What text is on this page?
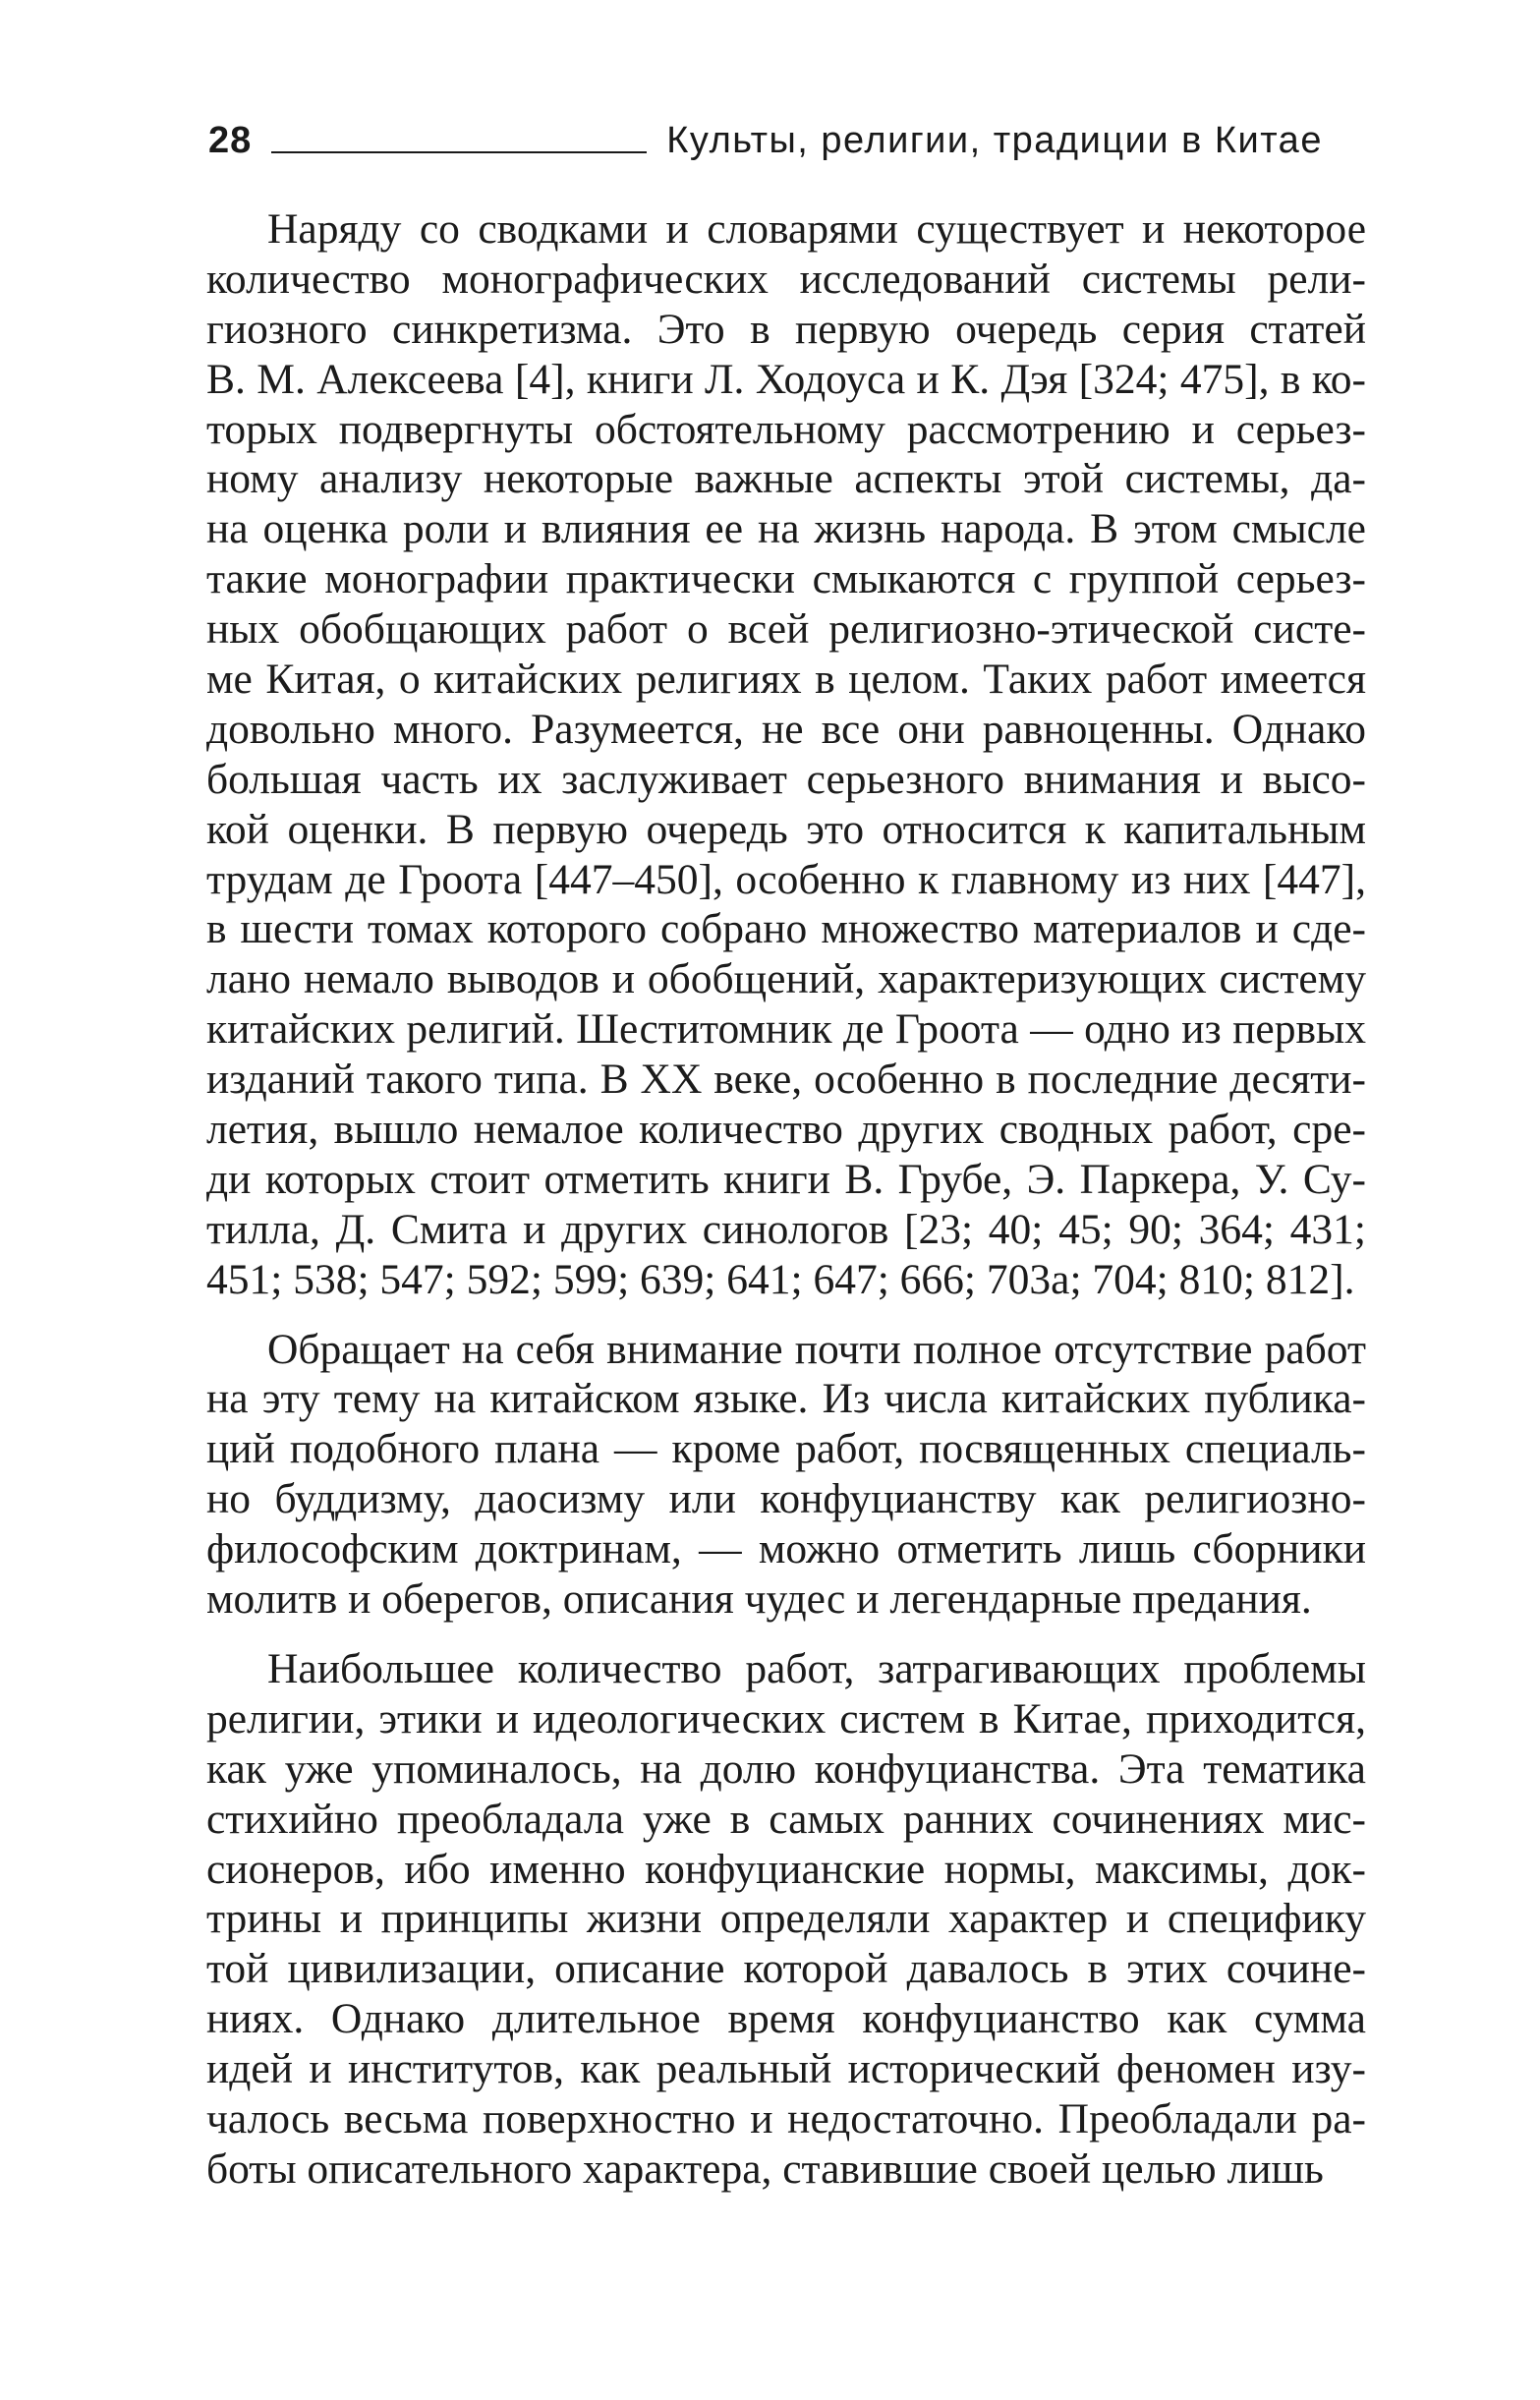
28	Культы, религии, традиции в Китае
Наряду со сводками и словарями существует и некоторое
количество монографических исследований системы рели-
гиозного синкретизма. Это в первую очередь серия статей
В. М. Алексеева [4], книги Л. Ходоуса и К. Дэя [324; 475], в ко-
торых подвергнуты обстоятельному рассмотрению и серьез-
ному анализу некоторые важные аспекты этой системы, да-
на оценка роли и влияния ее на жизнь народа. В этом смысле
такие монографии практически смыкаются с группой серьез-
ных обобщающих работ о всей религиозно-этической систе-
ме Китая, о китайских религиях в целом. Таких работ имеется
довольно много. Разумеется, не все они равноценны. Однако
большая часть их заслуживает серьезного внимания и высо-
кой оценки. В первую очередь это относится к капитальным
трудам де Гроота [447–450], особенно к главному из них [447],
в шести томах которого собрано множество материалов и сде-
лано немало выводов и обобщений, характеризующих систему
китайских религий. Шеститомник де Гроота — одно из первых
изданий такого типа. В XX веке, особенно в последние десяти-
летия, вышло немалое количество других сводных работ, сре-
ди которых стоит отметить книги В. Грубе, Э. Паркера, У. Су-
тилла, Д. Смита и других синологов [23; 40; 45; 90; 364; 431;
451; 538; 547; 592; 599; 639; 641; 647; 666; 703а; 704; 810; 812].
Обращает на себя внимание почти полное отсутствие работ
на эту тему на китайском языке. Из числа китайских публика-
ций подобного плана — кроме работ, посвященных специаль-
но буддизму, даосизму или конфуцианству как религиозно-
философским доктринам, — можно отметить лишь сборники
молитв и оберегов, описания чудес и легендарные предания.
Наибольшее количество работ, затрагивающих проблемы
религии, этики и идеологических систем в Китае, приходится,
как уже упоминалось, на долю конфуцианства. Эта тематика
стихийно преобладала уже в самых ранних сочинениях мис-
сионеров, ибо именно конфуцианские нормы, максимы, док-
трины и принципы жизни определяли характер и специфику
той цивилизации, описание которой давалось в этих сочине-
ниях. Однако длительное время конфуцианство как сумма
идей и институтов, как реальный исторический феномен изу-
чалось весьма поверхностно и недостаточно. Преобладали ра-
боты описательного характера, ставившие своей целью лишь
